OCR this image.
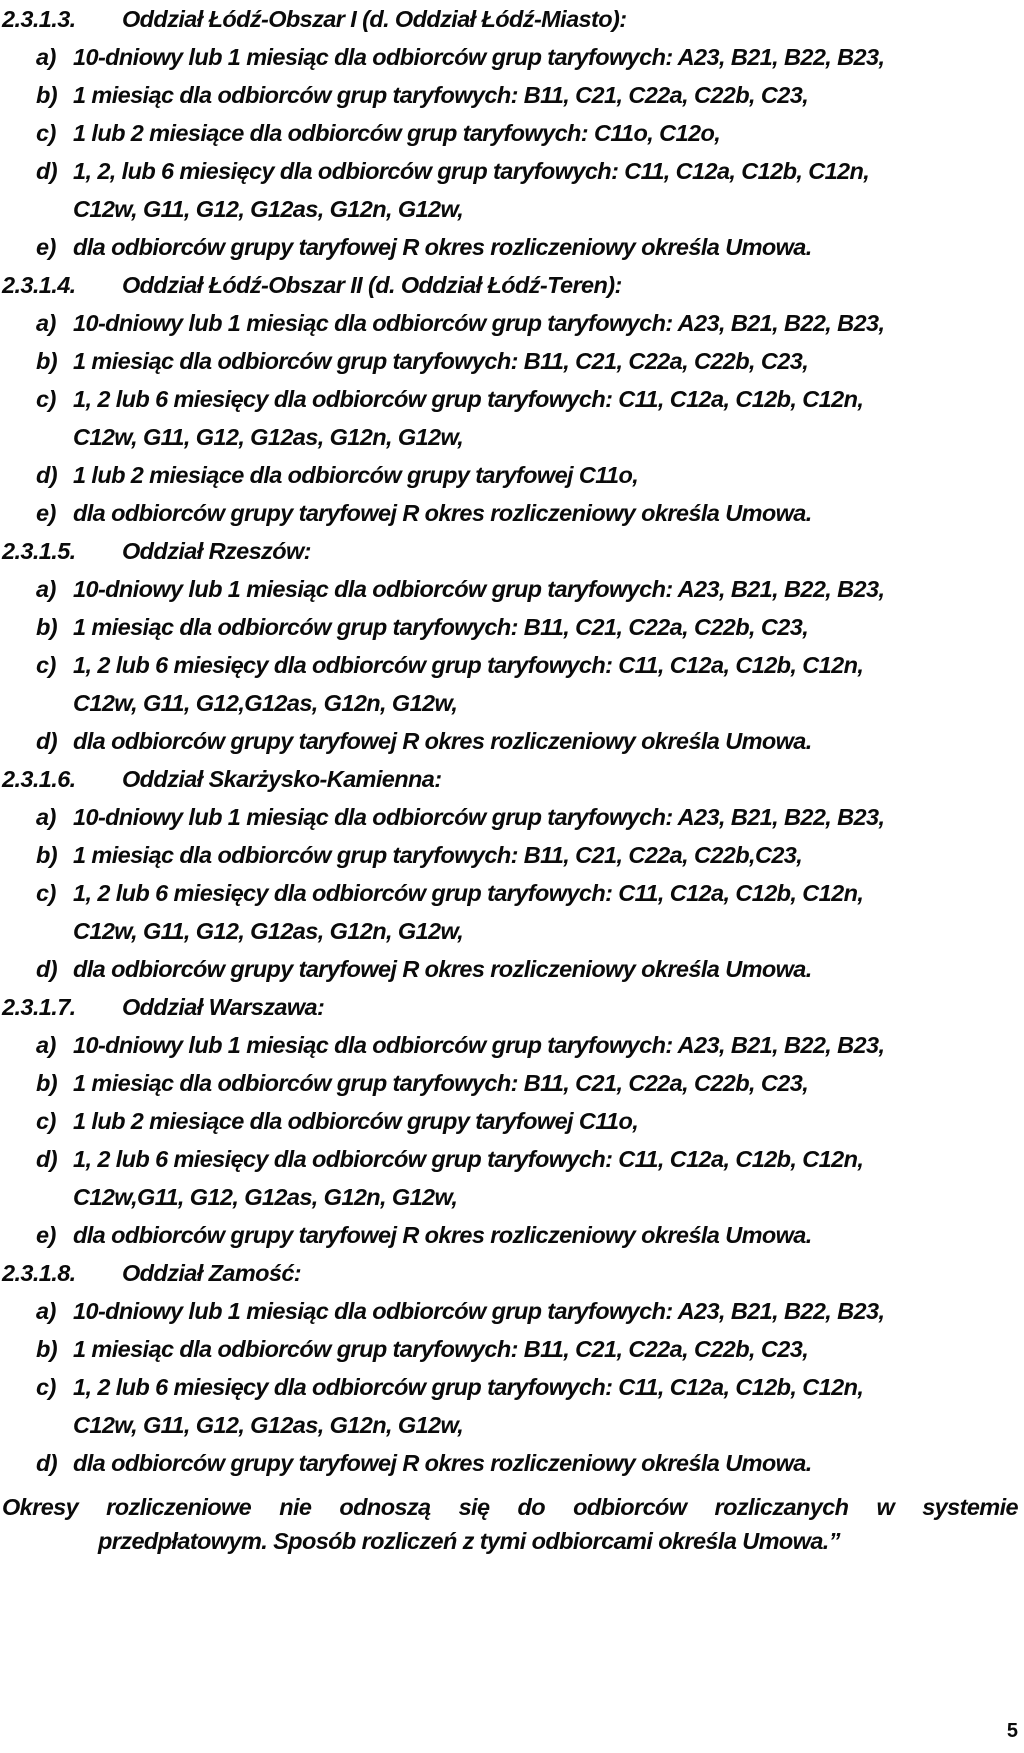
2.3.1.3. Oddział Łódź-Obszar I (d. Oddział Łódź-Miasto):
a) 10-dniowy lub 1 miesiąc dla odbiorców grup taryfowych: A23, B21, B22, B23,
b) 1 miesiąc dla odbiorców grup taryfowych: B11, C21, C22a, C22b, C23,
c) 1 lub 2 miesiące dla odbiorców grup taryfowych: C11o, C12o,
d) 1, 2, lub 6 miesięcy dla odbiorców grup taryfowych: C11, C12a, C12b, C12n,
C12w, G11, G12, G12as, G12n, G12w,
e) dla odbiorców grupy taryfowej R okres rozliczeniowy określa Umowa.
2.3.1.4. Oddział Łódź-Obszar II (d. Oddział Łódź-Teren):
a) 10-dniowy lub 1 miesiąc dla odbiorców grup taryfowych: A23, B21, B22, B23,
b) 1 miesiąc dla odbiorców grup taryfowych: B11, C21, C22a, C22b, C23,
c) 1, 2 lub 6 miesięcy dla odbiorców grup taryfowych: C11, C12a, C12b, C12n,
C12w, G11, G12, G12as, G12n, G12w,
d) 1 lub 2 miesiące dla odbiorców grupy taryfowej C11o,
e) dla odbiorców grupy taryfowej R okres rozliczeniowy określa Umowa.
2.3.1.5. Oddział Rzeszów:
a) 10-dniowy lub 1 miesiąc dla odbiorców grup taryfowych: A23, B21, B22, B23,
b) 1 miesiąc dla odbiorców grup taryfowych: B11, C21, C22a, C22b, C23,
c) 1, 2 lub 6 miesięcy dla odbiorców grup taryfowych: C11, C12a, C12b, C12n,
C12w, G11, G12,G12as, G12n, G12w,
d) dla odbiorców grupy taryfowej R okres rozliczeniowy określa Umowa.
2.3.1.6. Oddział Skarżysko-Kamienna:
a) 10-dniowy lub 1 miesiąc dla odbiorców grup taryfowych: A23, B21, B22, B23,
b) 1 miesiąc dla odbiorców grup taryfowych: B11, C21, C22a, C22b,C23,
c) 1, 2 lub 6 miesięcy dla odbiorców grup taryfowych: C11, C12a, C12b, C12n,
C12w, G11, G12, G12as, G12n, G12w,
d) dla odbiorców grupy taryfowej R okres rozliczeniowy określa Umowa.
2.3.1.7. Oddział Warszawa:
a) 10-dniowy lub 1 miesiąc dla odbiorców grup taryfowych: A23, B21, B22, B23,
b) 1 miesiąc dla odbiorców grup taryfowych: B11, C21, C22a, C22b, C23,
c) 1 lub 2 miesiące dla odbiorców grupy taryfowej C11o,
d) 1, 2 lub 6 miesięcy dla odbiorców grup taryfowych: C11, C12a, C12b, C12n,
C12w,G11, G12, G12as, G12n, G12w,
e) dla odbiorców grupy taryfowej R okres rozliczeniowy określa Umowa.
2.3.1.8. Oddział Zamość:
a) 10-dniowy lub 1 miesiąc dla odbiorców grup taryfowych: A23, B21, B22, B23,
b) 1 miesiąc dla odbiorców grup taryfowych: B11, C21, C22a, C22b, C23,
c) 1, 2 lub 6 miesięcy dla odbiorców grup taryfowych: C11, C12a, C12b, C12n,
C12w, G11, G12, G12as, G12n, G12w,
d) dla odbiorców grupy taryfowej R okres rozliczeniowy określa Umowa.
Okresy rozliczeniowe nie odnoszą się do odbiorców rozliczanych w systemie
przedpłatowym. Sposób rozliczeń z tymi odbiorcami określa Umowa.”
5
